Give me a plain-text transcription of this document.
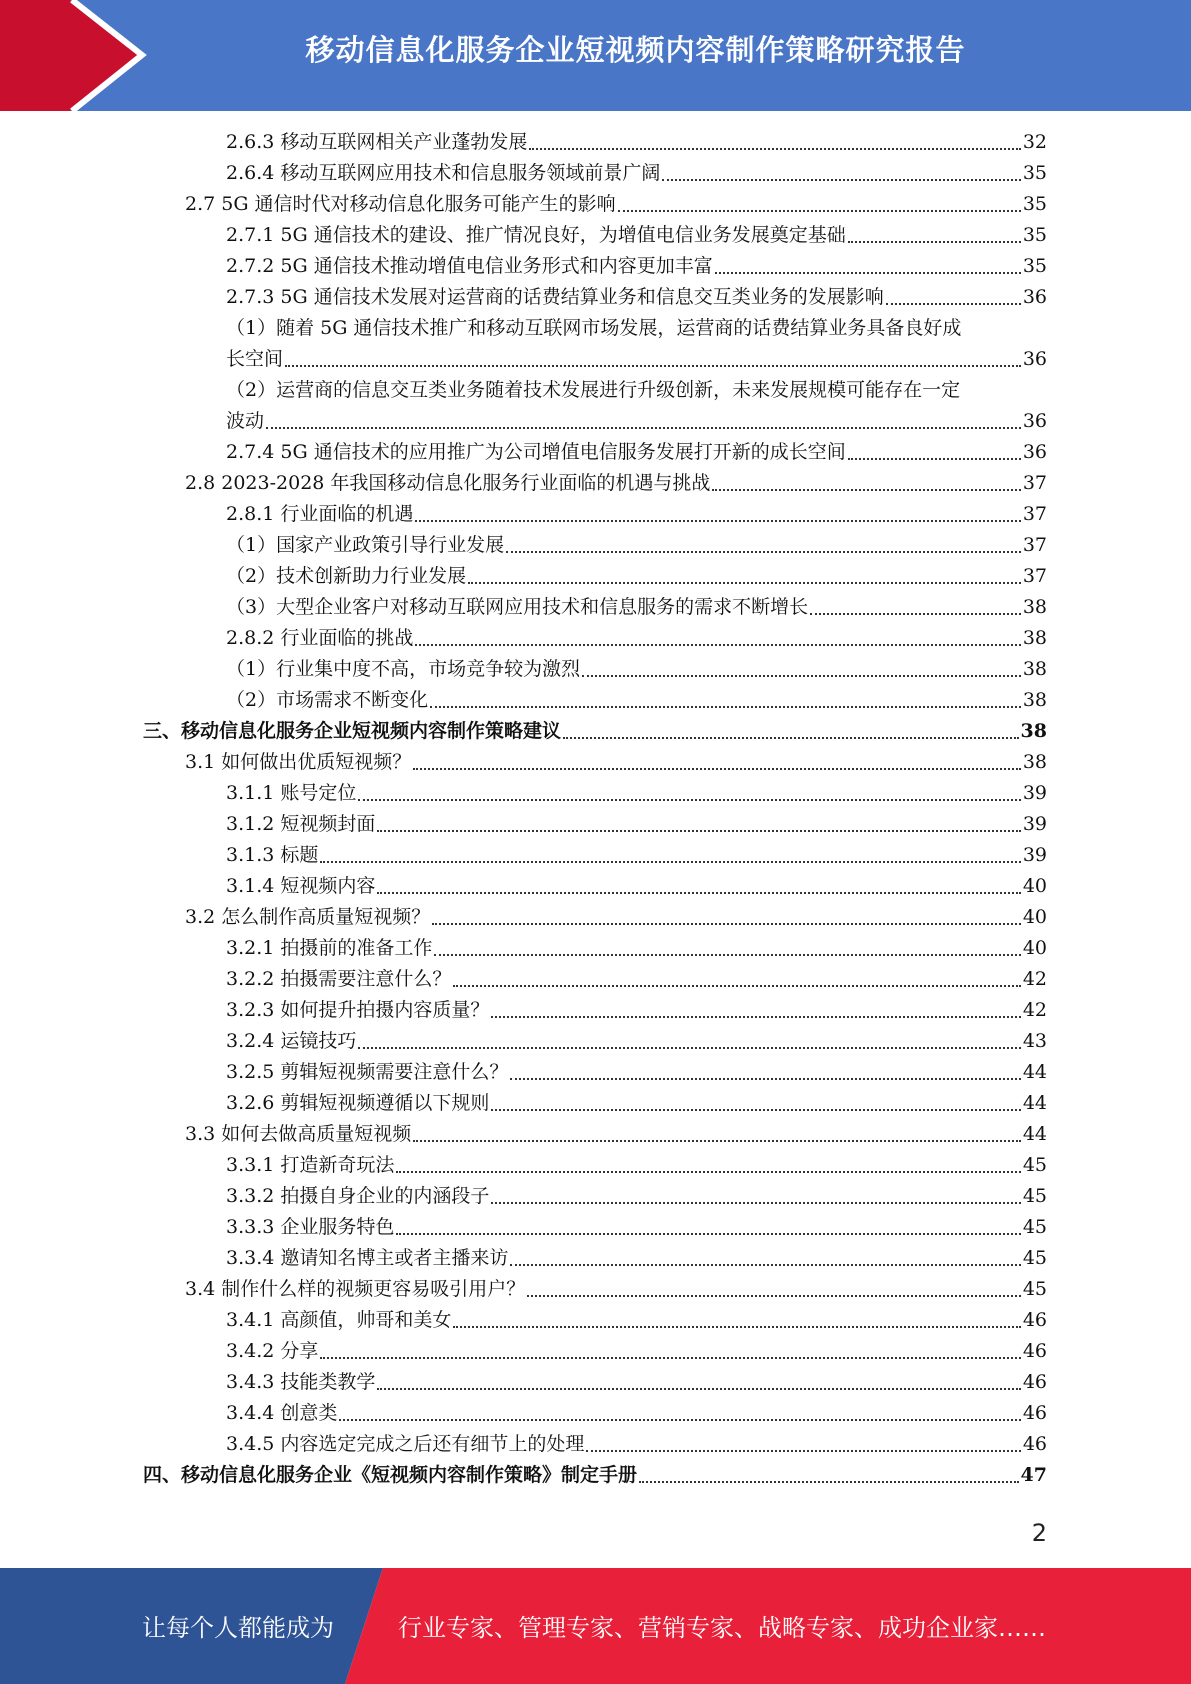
移动信息化服务企业短视频内容制作策略研究报告
2.6.3 移动互联网相关产业蓬勃发展	32
2.6.4 移动互联网应用技术和信息服务领域前景广阔	35
2.7 5G 通信时代对移动信息化服务可能产生的影响	35
2.7.1 5G 通信技术的建设、推广情况良好，为增值电信业务发展奠定基础	35
2.7.2 5G 通信技术推动增值电信业务形式和内容更加丰富	35
2.7.3 5G 通信技术发展对运营商的话费结算业务和信息交互类业务的发展影响	36
（1）随着 5G 通信技术推广和移动互联网市场发展，运营商的话费结算业务具备良好成
长空间	36
（2）运营商的信息交互类业务随着技术发展进行升级创新，未来发展规模可能存在一定
波动	36
2.7.4 5G 通信技术的应用推广为公司增值电信服务发展打开新的成长空间	36
2.8 2023-2028 年我国移动信息化服务行业面临的机遇与挑战	37
2.8.1 行业面临的机遇	37
（1）国家产业政策引导行业发展	37
（2）技术创新助力行业发展	37
（3）大型企业客户对移动互联网应用技术和信息服务的需求不断增长	38
2.8.2 行业面临的挑战	38
（1）行业集中度不高，市场竞争较为激烈	38
（2）市场需求不断变化	38
三、移动信息化服务企业短视频内容制作策略建议	38
3.1 如何做出优质短视频？	38
3.1.1 账号定位	39
3.1.2 短视频封面	39
3.1.3 标题	39
3.1.4 短视频内容	40
3.2 怎么制作高质量短视频？	40
3.2.1 拍摄前的准备工作	40
3.2.2 拍摄需要注意什么？	42
3.2.3 如何提升拍摄内容质量？	42
3.2.4 运镜技巧	43
3.2.5 剪辑短视频需要注意什么？	44
3.2.6 剪辑短视频遵循以下规则	44
3.3 如何去做高质量短视频	44
3.3.1 打造新奇玩法	45
3.3.2 拍摄自身企业的内涵段子	45
3.3.3 企业服务特色	45
3.3.4 邀请知名博主或者主播来访	45
3.4 制作什么样的视频更容易吸引用户？	45
3.4.1 高颜值，帅哥和美女	46
3.4.2 分享	46
3.4.3 技能类教学	46
3.4.4 创意类	46
3.4.5 内容选定完成之后还有细节上的处理	46
四、移动信息化服务企业《短视频内容制作策略》制定手册	47
2
让每个人都能成为	行业专家、管理专家、营销专家、战略专家、成功企业家……
